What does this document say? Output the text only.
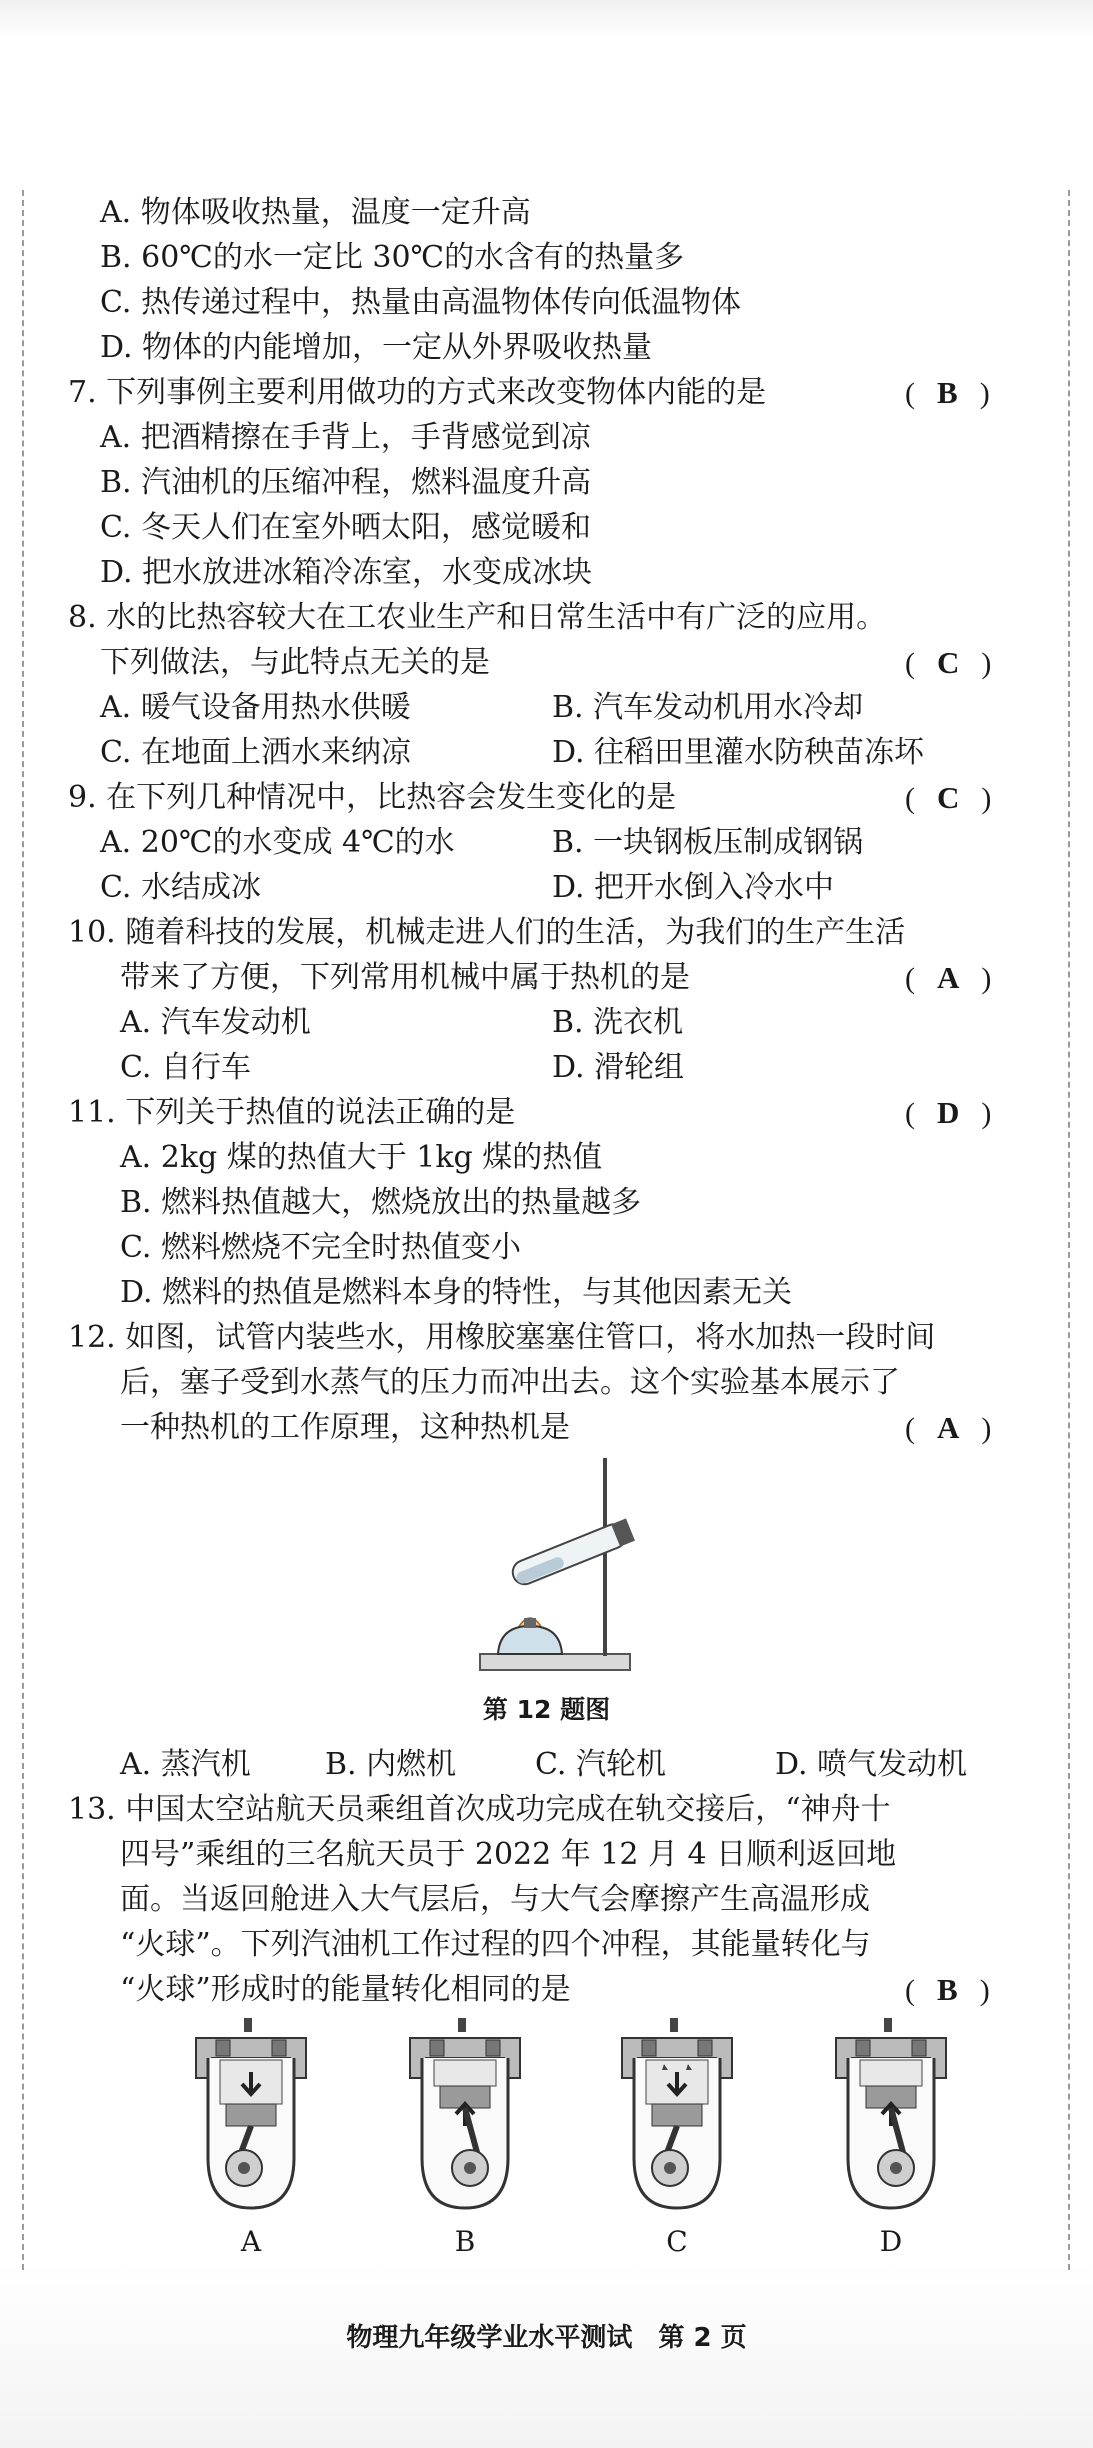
A. 物体吸收热量，温度一定升高
B. 60℃的水一定比 30℃的水含有的热量多
C. 热传递过程中，热量由高温物体传向低温物体
D. 物体的内能增加，一定从外界吸收热量
7. 下列事例主要利用做功的方式来改变物体内能的是	( B )
A. 把酒精擦在手背上，手背感觉到凉
B. 汽油机的压缩冲程，燃料温度升高
C. 冬天人们在室外晒太阳，感觉暖和
D. 把水放进冰箱冷冻室，水变成冰块
8. 水的比热容较大在工农业生产和日常生活中有广泛的应用。
下列做法，与此特点无关的是	( C )
A. 暖气设备用热水供暖	B. 汽车发动机用水冷却
C. 在地面上洒水来纳凉	D. 往稻田里灌水防秧苗冻坏
9. 在下列几种情况中，比热容会发生变化的是	( C )
A. 20℃的水变成 4℃的水	B. 一块钢板压制成钢锅
C. 水结成冰	D. 把开水倒入冷水中
10. 随着科技的发展，机械走进人们的生活，为我们的生产生活
带来了方便，下列常用机械中属于热机的是	( A )
A. 汽车发动机	B. 洗衣机
C. 自行车	D. 滑轮组
11. 下列关于热值的说法正确的是	( D )
A. 2kg 煤的热值大于 1kg 煤的热值
B. 燃料热值越大，燃烧放出的热量越多
C. 燃料燃烧不完全时热值变小
D. 燃料的热值是燃料本身的特性，与其他因素无关
12. 如图，试管内装些水，用橡胶塞塞住管口，将水加热一段时间
后，塞子受到水蒸气的压力而冲出去。这个实验基本展示了
一种热机的工作原理，这种热机是	( A )
第 12 题图
A. 蒸汽机 B. 内燃机	C. 汽轮机	D. 喷气发动机
13. 中国太空站航天员乘组首次成功完成在轨交接后，“神舟十
四号”乘组的三名航天员于 2022 年 12 月 4 日顺利返回地
面。当返回舱进入大气层后，与大气会摩擦产生高温形成
“火球”。下列汽油机工作过程的四个冲程，其能量转化与
“火球”形成时的能量转化相同的是	( B )
A	B	C	D
物理九年级学业水平测试　第 2 页
